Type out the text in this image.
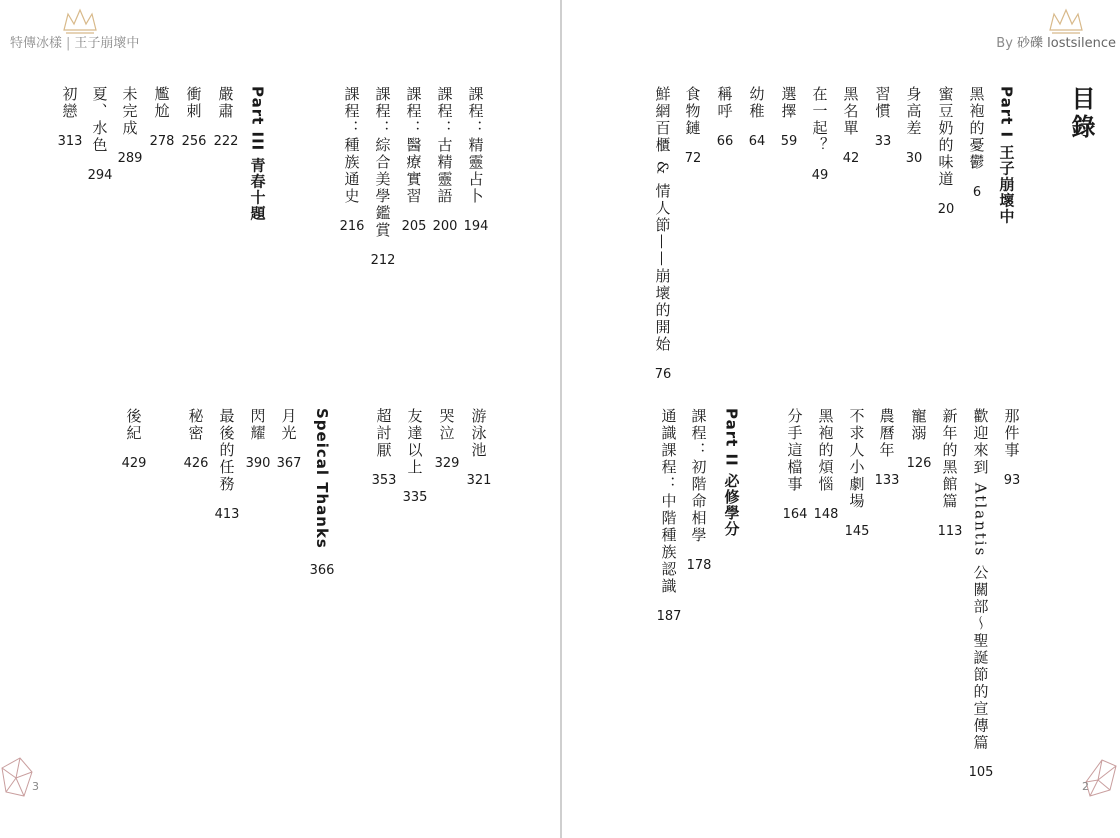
特傳冰樣 | 王子崩壞中
課程：精靈占卜
194
課程：古精靈語
200
課程：醫療實習
205
課程：綜合美學鑑賞
212
課程：種族通史
216
Part III 青春十題
嚴肅
222
衝刺
256
尷尬
278
未完成
289
夏、水色
294
初戀
313
游泳池
321
哭泣
329
友達以上
335
超討厭
353
Speical Thanks
366
月光
367
閃耀
390
最後的任務
413
秘密
426
後紀
429
3
By 砂礫 lostsilence
目錄
Part I 王子崩壞中
黑袍的憂鬱
6
蜜豆奶的味道
20
身高差
30
習慣
33
黑名單
42
在一起？
49
選擇
59
幼稚
64
稱呼
66
食物鏈
72
鮮網百櫃 & 情人節——崩壞的開始
76
那件事
93
歡迎來到 Atlantis 公關部～聖誕節的宣傳篇
105
新年的黑館篇
113
寵溺
126
農曆年
133
不求人小劇場
145
黑袍的煩惱
148
分手這檔事
164
Part II 必修學分
課程：初階命相學
178
通識課程：中階種族認識
187
2
